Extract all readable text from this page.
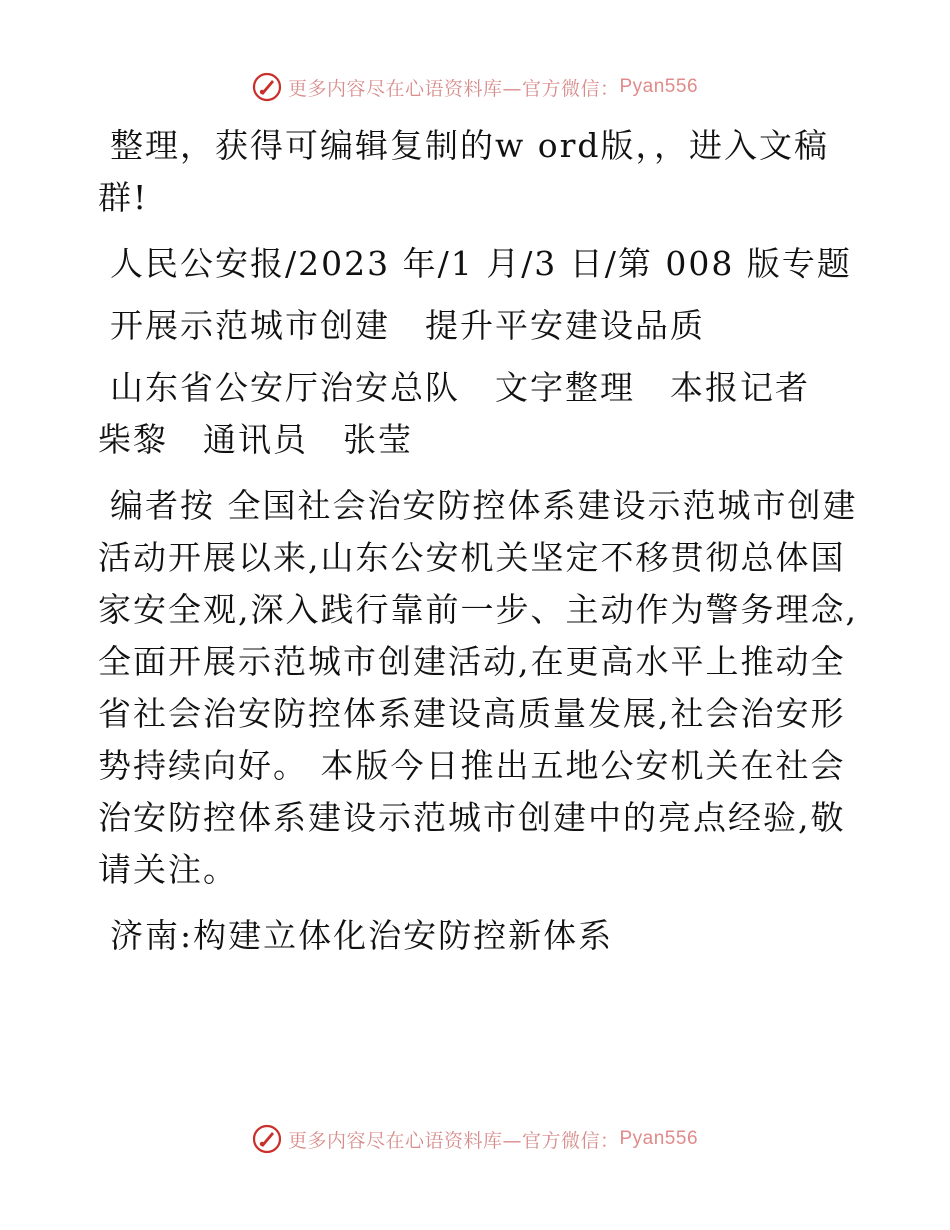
更多内容尽在心语资料库—官方微信： Pyan556

整理，获得可编辑复制的w ord版，，进入文稿群!

人民公安报/2023 年/1 月/3 日/第 008 版专题

开展示范城市创建　提升平安建设品质

山东省公安厅治安总队　文字整理　本报记者　柴黎　通讯员　张莹

编者按 全国社会治安防控体系建设示范城市创建活动开展以来,山东公安机关坚定不移贯彻总体国家安全观,深入践行靠前一步、主动作为警务理念,全面开展示范城市创建活动,在更高水平上推动全省社会治安防控体系建设高质量发展,社会治安形势持续向好。 本版今日推出五地公安机关在社会治安防控体系建设示范城市创建中的亮点经验,敬请关注。

济南:构建立体化治安防控新体系

更多内容尽在心语资料库—官方微信： Pyan556
